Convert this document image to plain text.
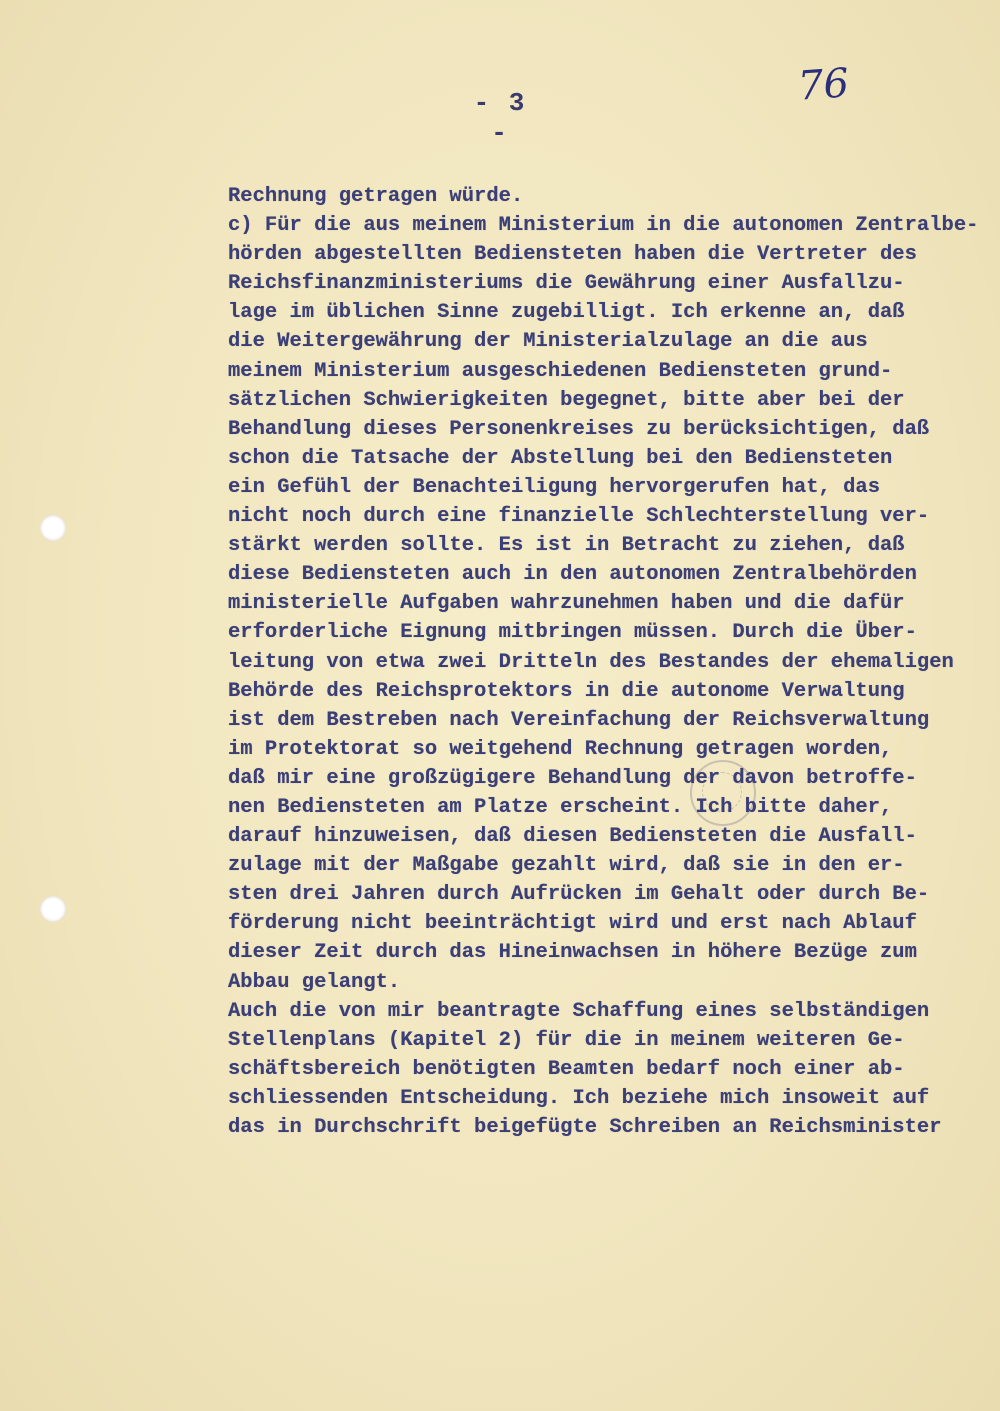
- 3 -
76
Rechnung getragen würde.
c) Für die aus meinem Ministerium in die autonomen Zentralbe-
hörden abgestellten Bediensteten haben die Vertreter des
Reichsfinanzministeriums die Gewährung einer Ausfallzu-
lage im üblichen Sinne zugebilligt. Ich erkenne an, daß
die Weitergewährung der Ministerialzulage an die aus
meinem Ministerium ausgeschiedenen Bediensteten grund-
sätzlichen Schwierigkeiten begegnet, bitte aber bei der
Behandlung dieses Personenkreises zu berücksichtigen, daß
schon die Tatsache der Abstellung bei den Bediensteten
ein Gefühl der Benachteiligung hervorgerufen hat, das
nicht noch durch eine finanzielle Schlechterstellung ver-
stärkt werden sollte. Es ist in Betracht zu ziehen, daß
diese Bediensteten auch in den autonomen Zentralbehörden
ministerielle Aufgaben wahrzunehmen haben und die dafür
erforderliche Eignung mitbringen müssen. Durch die Über-
leitung von etwa zwei Dritteln des Bestandes der ehemaligen
Behörde des Reichsprotektors in die autonome Verwaltung
ist dem Bestreben nach Vereinfachung der Reichsverwaltung
im Protektorat so weitgehend Rechnung getragen worden,
daß mir eine großzügigere Behandlung der davon betroffe-
nen Bediensteten am Platze erscheint. Ich bitte daher,
darauf hinzuweisen, daß diesen Bediensteten die Ausfall-
zulage mit der Maßgabe gezahlt wird, daß sie in den er-
sten drei Jahren durch Aufrücken im Gehalt oder durch Be-
förderung nicht beeinträchtigt wird und erst nach Ablauf
dieser Zeit durch das Hineinwachsen in höhere Bezüge zum
Abbau gelangt.
Auch die von mir beantragte Schaffung eines selbständigen
Stellenplans (Kapitel 2) für die in meinem weiteren Ge-
schäftsbereich benötigten Beamten bedarf noch einer ab-
schliessenden Entscheidung. Ich beziehe mich insoweit auf
das in Durchschrift beigefügte Schreiben an Reichsminister
